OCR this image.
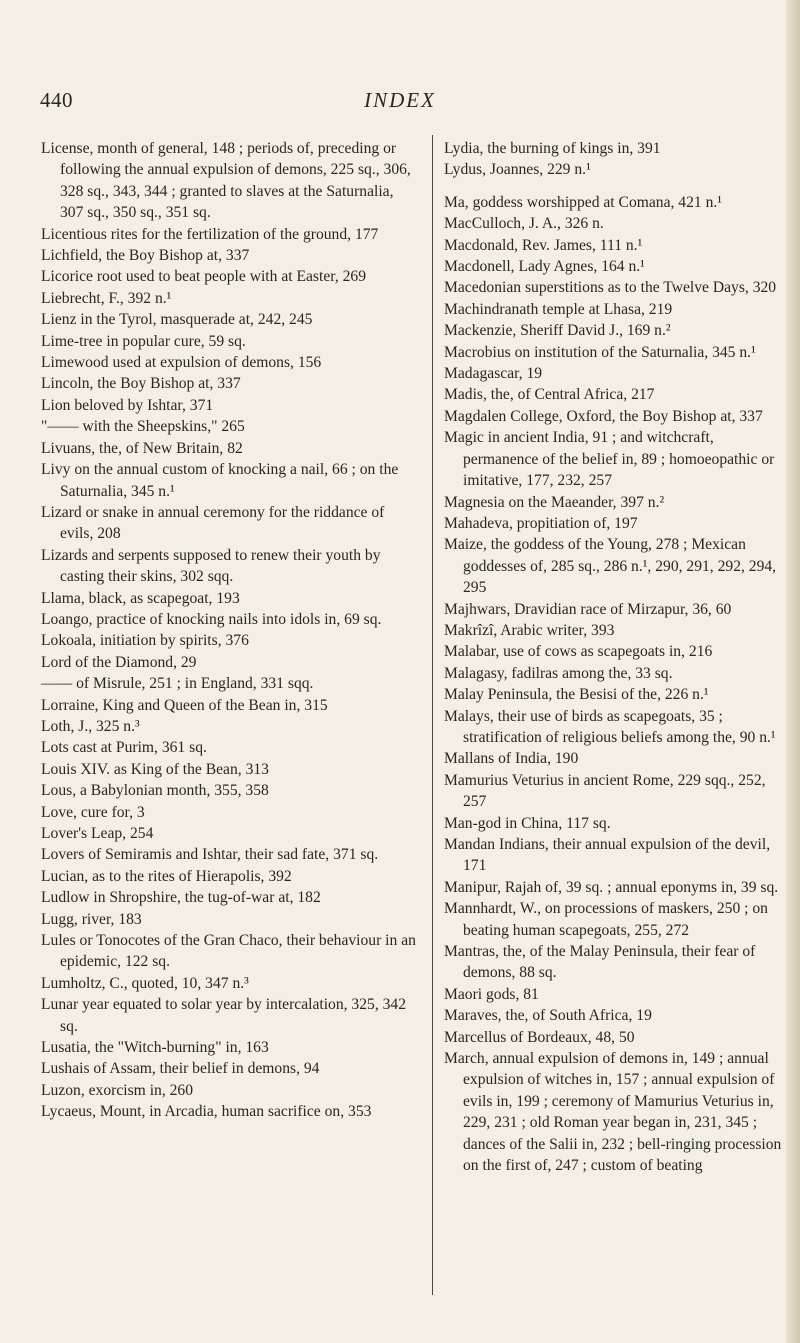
440	INDEX

License, month of general, 148 ; periods of, preceding or following the annual expulsion of demons, 225 sq., 306, 328 sq., 343, 344 ; granted to slaves at the Saturnalia, 307 sq., 350 sq., 351 sq.

Licentious rites for the fertilization of the ground, 177

Lichfield, the Boy Bishop at, 337

Licorice root used to beat people with at Easter, 269

Liebrecht, F., 392 n.¹

Lienz in the Tyrol, masquerade at, 242, 245

Lime-tree in popular cure, 59 sq.

Limewood used at expulsion of demons, 156

Lincoln, the Boy Bishop at, 337

Lion beloved by Ishtar, 371

"—— with the Sheepskins," 265

Livuans, the, of New Britain, 82

Livy on the annual custom of knocking a nail, 66 ; on the Saturnalia, 345 n.¹

Lizard or snake in annual ceremony for the riddance of evils, 208

Lizards and serpents supposed to renew their youth by casting their skins, 302 sqq.

Llama, black, as scapegoat, 193

Loango, practice of knocking nails into idols in, 69 sq.

Lokoala, initiation by spirits, 376

Lord of the Diamond, 29

—— of Misrule, 251 ; in England, 331 sqq.

Lorraine, King and Queen of the Bean in, 315

Loth, J., 325 n.³

Lots cast at Purim, 361 sq.

Louis XIV. as King of the Bean, 313

Lous, a Babylonian month, 355, 358

Love, cure for, 3

Lover's Leap, 254

Lovers of Semiramis and Ishtar, their sad fate, 371 sq.

Lucian, as to the rites of Hierapolis, 392

Ludlow in Shropshire, the tug-of-war at, 182

Lugg, river, 183

Lules or Tonocotes of the Gran Chaco, their behaviour in an epidemic, 122 sq.

Lumholtz, C., quoted, 10, 347 n.³

Lunar year equated to solar year by intercalation, 325, 342 sq.

Lusatia, the "Witch-burning" in, 163

Lushais of Assam, their belief in demons, 94

Luzon, exorcism in, 260

Lycaeus, Mount, in Arcadia, human sacrifice on, 353

Lydia, the burning of kings in, 391

Lydus, Joannes, 229 n.¹

Ma, goddess worshipped at Comana, 421 n.¹

MacCulloch, J. A., 326 n.

Macdonald, Rev. James, 111 n.¹

Macdonell, Lady Agnes, 164 n.¹

Macedonian superstitions as to the Twelve Days, 320

Machindranath temple at Lhasa, 219

Mackenzie, Sheriff David J., 169 n.²

Macrobius on institution of the Saturnalia, 345 n.¹

Madagascar, 19

Madis, the, of Central Africa, 217

Magdalen College, Oxford, the Boy Bishop at, 337

Magic in ancient India, 91 ; and witchcraft, permanence of the belief in, 89 ; homoeopathic or imitative, 177, 232, 257

Magnesia on the Maeander, 397 n.²

Mahadeva, propitiation of, 197

Maize, the goddess of the Young, 278 ; Mexican goddesses of, 285 sq., 286 n.¹, 290, 291, 292, 294, 295

Majhwars, Dravidian race of Mirzapur, 36, 60

Makrîzî, Arabic writer, 393

Malabar, use of cows as scapegoats in, 216

Malagasy, fadilras among the, 33 sq.

Malay Peninsula, the Besisi of the, 226 n.¹

Malays, their use of birds as scapegoats, 35 ; stratification of religious beliefs among the, 90 n.¹

Mallans of India, 190

Mamurius Veturius in ancient Rome, 229 sqq., 252, 257

Man-god in China, 117 sq.

Mandan Indians, their annual expulsion of the devil, 171

Manipur, Rajah of, 39 sq. ; annual eponyms in, 39 sq.

Mannhardt, W., on processions of maskers, 250 ; on beating human scapegoats, 255, 272

Mantras, the, of the Malay Peninsula, their fear of demons, 88 sq.

Maori gods, 81

Maraves, the, of South Africa, 19

Marcellus of Bordeaux, 48, 50

March, annual expulsion of demons in, 149 ; annual expulsion of witches in, 157 ; annual expulsion of evils in, 199 ; ceremony of Mamurius Veturius in, 229, 231 ; old Roman year began in, 231, 345 ; dances of the Salii in, 232 ; bell-ringing procession on the first of, 247 ; custom of beating
